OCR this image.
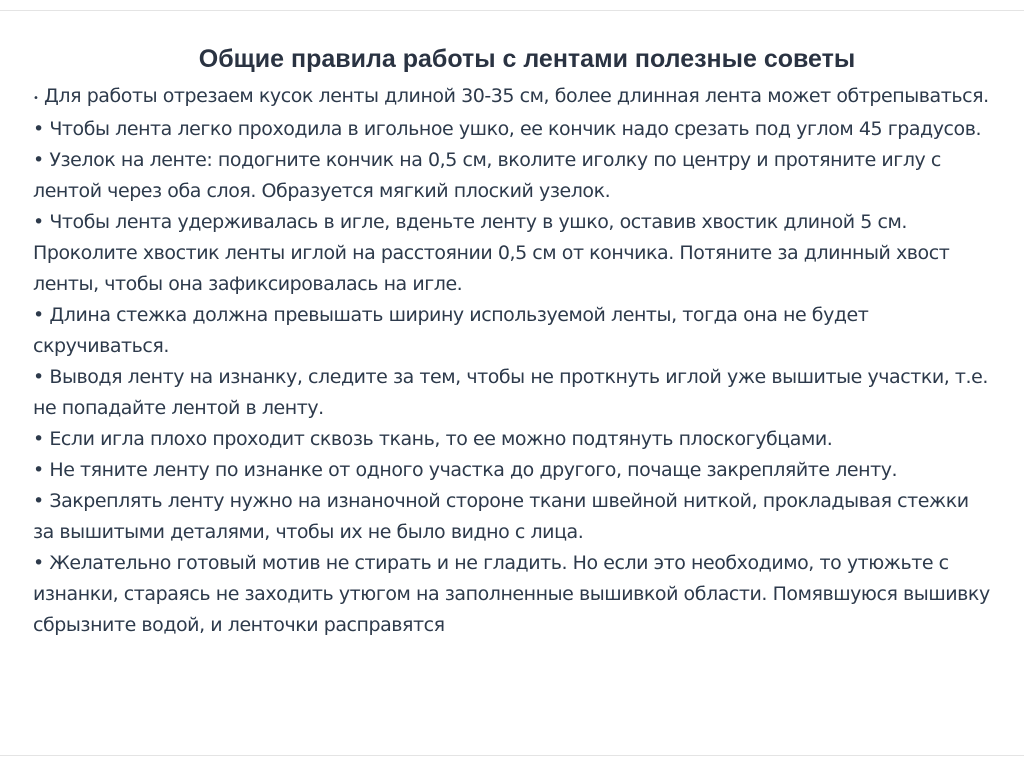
Общие правила работы с лентами полезные советы

• Для работы отрезаем кусок ленты длиной 30-35 см, более длинная лента может обтрепываться.

• Чтобы лента легко проходила в игольное ушко, ее кончик надо срезать под углом 45 градусов.

• Узелок на ленте: подогните кончик на 0,5 см, вколите иголку по центру и протяните иглу с лентой через оба слоя. Образуется мягкий плоский узелок.

• Чтобы лента удерживалась в игле, вденьте ленту в ушко, оставив хвостик длиной 5 см. Проколите хвостик ленты иглой на расстоянии 0,5 см от кончика. Потяните за длинный хвост ленты, чтобы она зафиксировалась на игле.

• Длина стежка должна превышать ширину используемой ленты, тогда она не будет скручиваться.

• Выводя ленту на изнанку, следите за тем, чтобы не проткнуть иглой уже вышитые участки, т.е. не попадайте лентой в ленту.

• Если игла плохо проходит сквозь ткань, то ее можно подтянуть плоскогубцами.

• Не тяните ленту по изнанке от одного участка до другого, почаще закрепляйте ленту.

• Закреплять ленту нужно на изнаночной стороне ткани швейной ниткой, прокладывая стежки за вышитыми деталями, чтобы их не было видно с лица.

• Желательно готовый мотив не стирать и не гладить. Но если это необходимо, то утюжьте с изнанки, стараясь не заходить утюгом на заполненные вышивкой области. Помявшуюся вышивку сбрызните водой, и ленточки расправятся
